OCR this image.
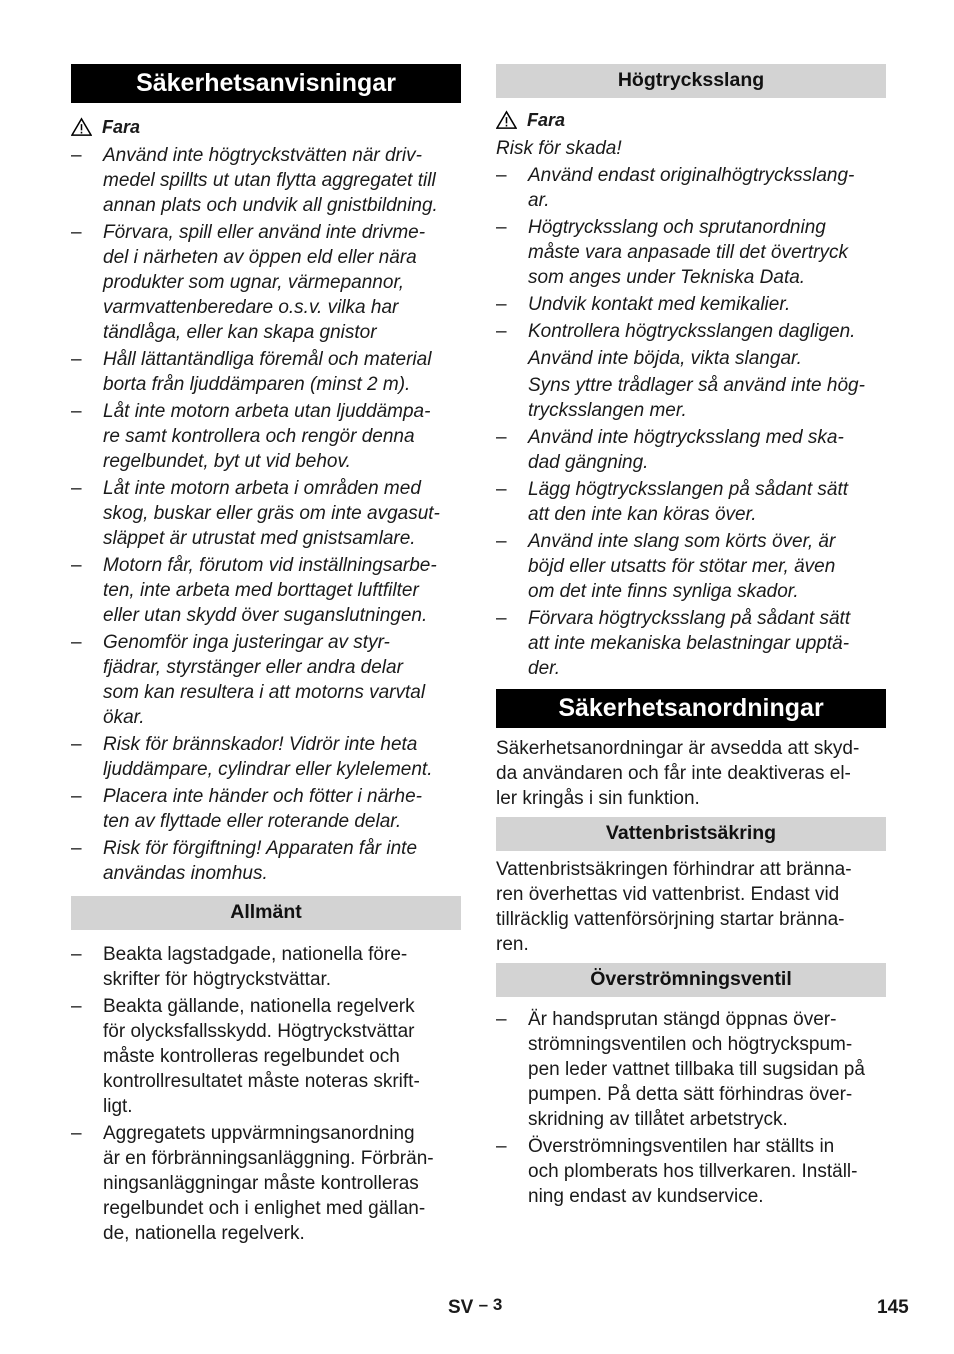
Säkerhetsanvisningar
Fara
–	Använd inte högtryckstvätten när driv-
medel spillts ut utan flytta aggregatet till
annan plats och undvik all gnistbildning.
–	Förvara, spill eller använd inte drivme-
del i närheten av öppen eld eller nära
produkter som ugnar, värmepannor,
varmvattenberedare o.s.v. vilka har
tändlåga, eller kan skapa gnistor
–	Håll lättantändliga föremål och material
borta från ljuddämparen (minst 2 m).
–	Låt inte motorn arbeta utan ljuddämpa-
re samt kontrollera och rengör denna
regelbundet, byt ut vid behov.
–	Låt inte motorn arbeta i områden med
skog, buskar eller gräs om inte avgasut-
släppet är utrustat med gnistsamlare.
–	Motorn får, förutom vid inställningsarbe-
ten, inte arbeta med borttaget luftfilter
eller utan skydd över suganslutningen.
–	Genomför inga justeringar av styr-
fjädrar, styrstänger eller andra delar
som kan resultera i att motorns varvtal
ökar.
–	Risk för brännskador! Vidrör inte heta
ljuddämpare, cylindrar eller kylelement.
–	Placera inte händer och fötter i närhe-
ten av flyttade eller roterande delar.
–	Risk för förgiftning! Apparaten får inte
användas inomhus.
Allmänt
–	Beakta lagstadgade, nationella före-
skrifter för högtryckstvättar.
–	Beakta gällande, nationella regelverk
för olycksfallsskydd. Högtryckstvättar
måste kontrolleras regelbundet och
kontrollresultatet måste noteras skrift-
ligt.
–	Aggregatets uppvärmningsanordning
är en förbränningsanläggning. Förbrän-
ningsanläggningar måste kontrolleras
regelbundet och i enlighet med gällan-
de, nationella regelverk.
Högtrycksslang
Fara

Risk för skada!

–	Använd endast originalhögtrycksslang-
ar.
–	Högtrycksslang och sprutanordning
måste vara anpasade till det övertryck
som anges under Tekniska Data.
–	Undvik kontakt med kemikalier.
–	Kontrollera högtrycksslangen dagligen.
Använd inte böjda, vikta slangar.
Syns yttre trådlager så använd inte hög-
trycksslangen mer.
–	Använd inte högtrycksslang med ska-
dad gängning.
–	Lägg högtrycksslangen på sådant sätt
att den inte kan köras över.
–	Använd inte slang som körts över, är
böjd eller utsatts för stötar mer, även
om det inte finns synliga skador.
–	Förvara högtrycksslang på sådant sätt
att inte mekaniska belastningar upptä-
der.
Säkerhetsanordningar

Säkerhetsanordningar är avsedda att skyd-
da användaren och får inte deaktiveras el-
ler kringås i sin funktion.

Vattenbristsäkring

Vattenbristsäkringen förhindrar att bränna-
ren överhettas vid vattenbrist. Endast vid
tillräcklig vattenförsörjning startar bränna-
ren.

Överströmningsventil
–	Är handsprutan stängd öppnas över-
strömningsventilen och högtryckspum-
pen leder vattnet tillbaka till sugsidan på
pumpen. På detta sätt förhindras över-
skridning av tillåtet arbetstryck.
–	Överströmningsventilen har ställts in
och plomberats hos tillverkaren. Inställ-
ning endast av kundservice.
SV – 3	145
